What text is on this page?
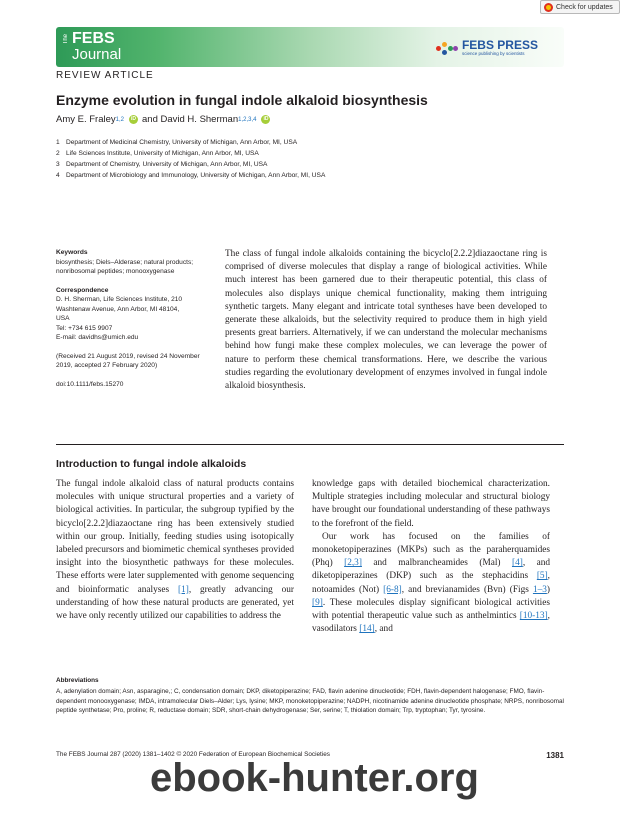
Check for updates
The FEBS
Journal
FEBS PRESS
science publishing by scientists
REVIEW ARTICLE
Enzyme evolution in fungal indole alkaloid biosynthesis
Amy E. Fraley 1,2	iD and
David H. Sherman 1,2,3,4	iD
1 Department of Medicinal Chemistry, University of Michigan, Ann Arbor, MI, USA
2 Life Sciences Institute, University of Michigan, Ann Arbor, MI, USA
3 Department of Chemistry, University of Michigan, Ann Arbor, MI, USA
4 Department of Microbiology and Immunology, University of Michigan, Ann Arbor, MI, USA
Keywords
biosynthesis; Diels–Alderase; natural products; nonribosomal peptides; monooxygenase
Correspondence
D. H. Sherman, Life Sciences Institute, 210
Washtenaw Avenue, Ann Arbor, MI 48104,
USA
Tel: +734 615 9907
E-mail: davidhs@umich.edu
(Received 21 August 2019, revised 24 November 2019, accepted 27 February 2020)
doi:10.1111/febs.15270

The class of fungal indole alkaloids containing the bicyclo[2.2.2]diazaoctane ring is comprised of diverse molecules that display a range of biological activities. While much interest has been garnered due to their therapeutic potential, this class of molecules also displays unique chemical functionality, making them intriguing synthetic targets. Many elegant and intricate total syntheses have been developed to generate these alkaloids, but the selectivity required to produce them in high yield presents great barriers. Alternatively, if we can understand the molecular mechanisms behind how fungi make these complex molecules, we can leverage the power of nature to perform these chemical transformations. Here, we describe the various studies regarding the evolutionary development of enzymes involved in fungal indole alkaloid biosynthesis.

Introduction to fungal indole alkaloids

The fungal indole alkaloid class of natural products contains molecules with unique structural properties and a variety of biological activities. In particular, the subgroup typified by the bicyclo[2.2.2]diazaoctane ring has been extensively studied within our group. Initially, feeding studies using isotopically labeled precursors and biomimetic chemical syntheses provided insight into the biosynthetic pathways for these molecules. These efforts were later supplemented with genome sequencing and bioinformatic analyses [1], greatly advancing our understanding of how these natural products are generated, yet we have only recently utilized our capabilities to address the

knowledge gaps with detailed biochemical characterization. Multiple strategies including molecular and structural biology have brought our foundational understanding of these pathways to the forefront of the field.

Our work has focused on the families of monoketopiperazines (MKPs) such as the paraherquamides (Phq) [2,3] and malbrancheamides (Mal) [4], and diketopiperazines (DKP) such as the stephacidins [5], notoamides (Not) [6-8], and brevianamides (Bvn) (Figs 1–3) [9]. These molecules display significant biological activities with potential therapeutic value such as anthelmintics [10-13], vasodilators [14], and

Abbreviations
A, adenylation domain; Asn, asparagine,; C, condensation domain; DKP, diketopiperazine; FAD, flavin adenine dinucleotide; FDH, flavin-dependent halogenase; FMO, flavin-dependent monooxygenase; IMDA, intramolecular Diels–Alder; Lys, lysine; MKP, monoketopiperazine; NADPH, nicotinamide adenine dinucleotide phosphate; NRPS, nonribosomal peptide synthetase; Pro, proline; R, reductase domain; SDR, short-chain dehydrogenase; Ser, serine; T, thiolation domain; Trp, tryptophan; Tyr, tyrosine.
The FEBS Journal 287 (2020) 1381–1402 © 2020 Federation of European Biochemical Societies	1381
ebook-hunter.org
